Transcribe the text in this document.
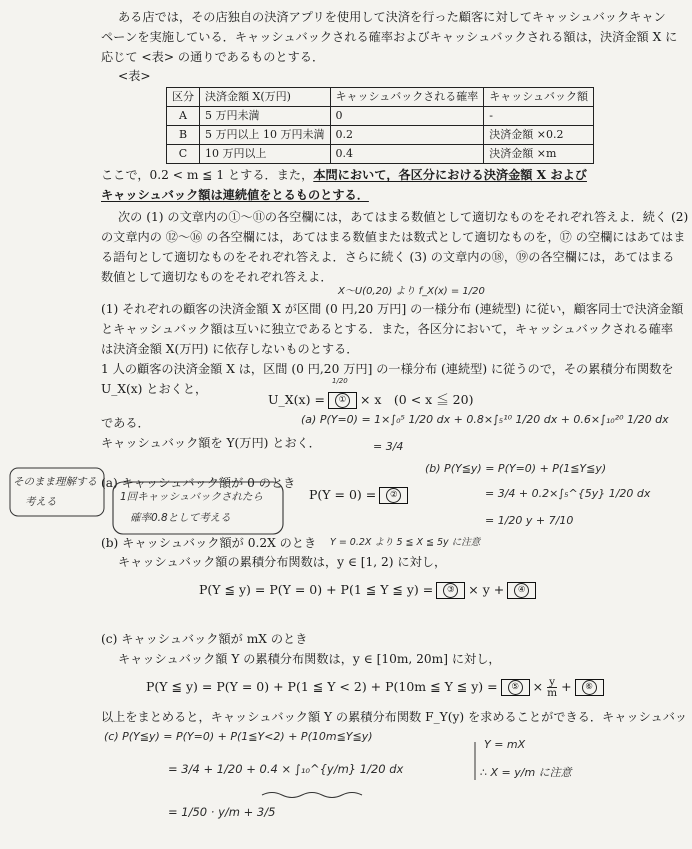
ある店では，その店独自の決済アプリを使用して決済を行った顧客に対してキャッシュバックキャン
ペーンを実施している．キャッシュバックされる確率およびキャッシュバックされる額は，決済金額 X に
応じて <表> の通りであるものとする．
<表>
区分	決済金額 X(万円)	キャッシュバックされる確率	キャッシュバック額
A	5 万円未満	0	-
B	5 万円以上 10 万円未満	0.2	決済金額 ×0.2
C	10 万円以上	0.4	決済金額 ×m
ここで，0.2 < m ≦ 1 とする．また，本問において，各区分における決済金額 X および
キャッシュバック額は連続値をとるものとする．
次の (1) の文章内の①〜⑪の各空欄には，あてはまる数値として適切なものをそれぞれ答えよ．続く (2)
の文章内の ⑫〜⑯ の各空欄には，あてはまる数値または数式として適切なものを，⑰ の空欄にはあてはま
る語句として適切なものをそれぞれ答えよ．さらに続く (3) の文章内の⑱，⑲の各空欄には，あてはまる
数値として適切なものをそれぞれ答えよ．
(1) それぞれの顧客の決済金額 X が区間 (0 円,20 万円] の一様分布 (連続型) に従い，顧客同士で決済金額
とキャッシュバック額は互いに独立であるとする．また，各区分において，キャッシュバックされる確率
は決済金額 X(万円) に依存しないものとする．
1 人の顧客の決済金額 X は，区間 (0 円,20 万円] の一様分布 (連続型) に従うので，その累積分布関数を
U_X(x) とおくと，
U_X(x) = ① × x　(0 < x ≦ 20)
である．
キャッシュバック額を Y(万円) とおく．
(a) キャッシュバック額が 0 のとき
P(Y = 0) = ②
(b) キャッシュバック額が 0.2X のとき
キャッシュバック額の累積分布関数は，y ∈ [1, 2) に対し，
P(Y ≦ y) = P(Y = 0) + P(1 ≦ Y ≦ y) = ③ × y + ④
(c) キャッシュバック額が mX のとき
キャッシュバック額 Y の累積分布関数は，y ∈ [10m, 20m] に対し，
P(Y ≦ y) = P(Y = 0) + P(1 ≦ Y < 2) + P(10m ≦ Y ≦ y) = ⑤ × $\frac{y}{m}$ + ⑥
以上をまとめると，キャッシュバック額 Y の累積分布関数 F_Y(y) を求めることができる．キャッシュバッ
X〜U(0,20) より f_X(x) = 1/20
1/20
(a) P(Y=0) = 1×∫₀⁵ 1/20 dx + 0.8×∫₅¹⁰ 1/20 dx + 0.6×∫₁₀²⁰ 1/20 dx
= 3/4
そのまま理解する
考える	1回キャッシュバックされたら
確率0.8として考える
(b) P(Y≦y) = P(Y=0) + P(1≦Y≦y)
= 3/4 + 0.2×∫₅^{5y} 1/20 dx
= 1/20 y + 7/10
Y = 0.2X より 5 ≦ X ≦ 5y に注意
(c) P(Y≦y) = P(Y=0) + P(1≦Y<2) + P(10m≦Y≦y)
= 3/4 + 1/20 + 0.4 × ∫₁₀^{y/m} 1/20 dx
= 1/50 · y/m + 3/5
Y = mX
∴ X = y/m に注意
